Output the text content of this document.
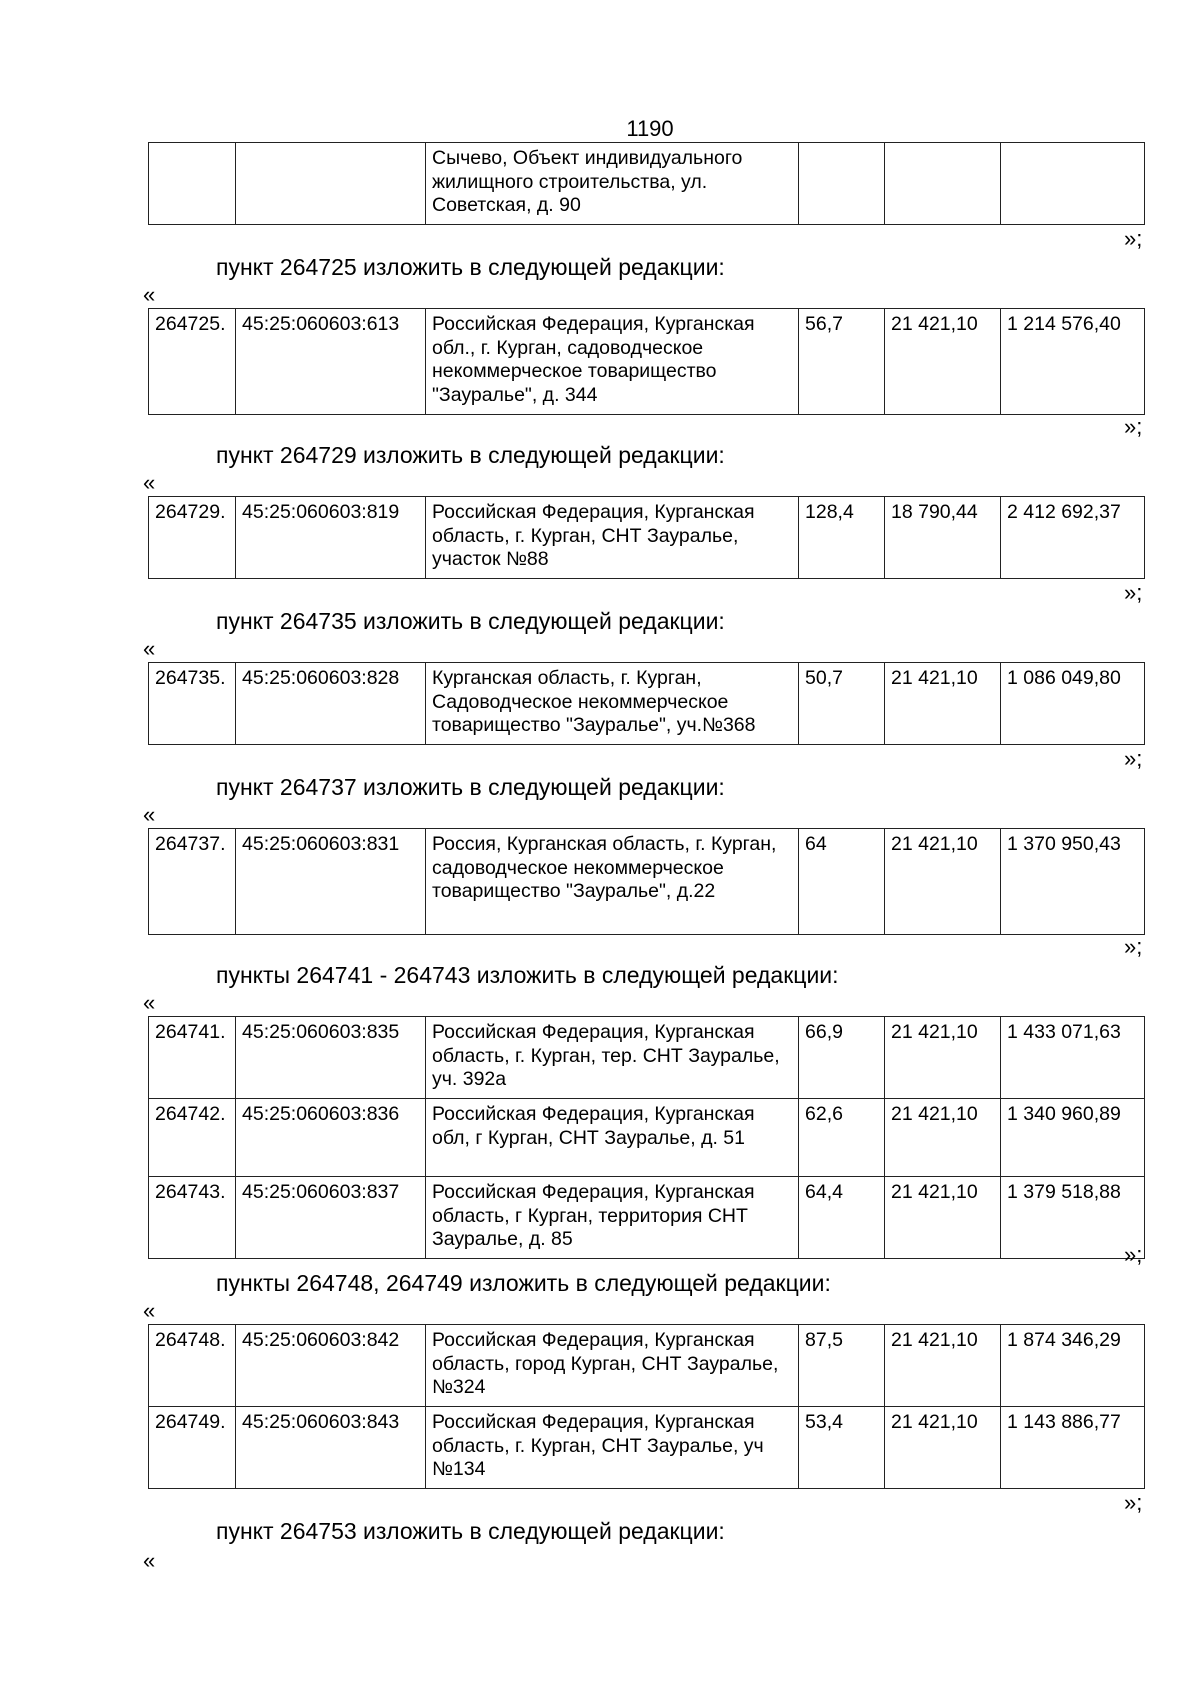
1190
		Сычево, Объект индивидуального жилищного строительства, ул. Советская, д. 90			
»;
пункт 264725 изложить в следующей редакции:
«
264725.	45:25:060603:613	Российская Федерация, Курганская обл., г. Курган, садоводческое некоммерческое товарищество "Зауралье", д. 344	56,7	21 421,10	1 214 576,40
»;
пункт 264729 изложить в следующей редакции:
«
264729.	45:25:060603:819	Российская Федерация, Курганская область, г. Курган, СНТ Зауралье, участок №88	128,4	18 790,44	2 412 692,37
»;
пункт 264735 изложить в следующей редакции:
«
264735.	45:25:060603:828	Курганская область, г. Курган, Садоводческое некоммерческое товарищество "Зауралье", уч.№368	50,7	21 421,10	1 086 049,80
»;
пункт 264737 изложить в следующей редакции:
«
264737.	45:25:060603:831	Россия, Курганская область, г. Курган, садоводческое некоммерческое товарищество "Зауралье", д.22	64	21 421,10	1 370 950,43
»;
пункты 264741 - 264743 изложить в следующей редакции:
«
264741.	45:25:060603:835	Российская Федерация, Курганская область, г. Курган, тер. СНТ Зауралье, уч. 392а	66,9	21 421,10	1 433 071,63
264742.	45:25:060603:836	Российская Федерация, Курганская обл, г Курган, СНТ Зауралье, д. 51	62,6	21 421,10	1 340 960,89
264743.	45:25:060603:837	Российская Федерация, Курганская область, г Курган, территория СНТ Зауралье, д. 85	64,4	21 421,10	1 379 518,88
»;
пункты 264748, 264749 изложить в следующей редакции:
«
264748.	45:25:060603:842	Российская Федерация, Курганская область, город Курган, СНТ Зауралье, №324	87,5	21 421,10	1 874 346,29
264749.	45:25:060603:843	Российская Федерация, Курганская область, г. Курган, СНТ Зауралье, уч №134	53,4	21 421,10	1 143 886,77
»;
пункт 264753 изложить в следующей редакции:
«
